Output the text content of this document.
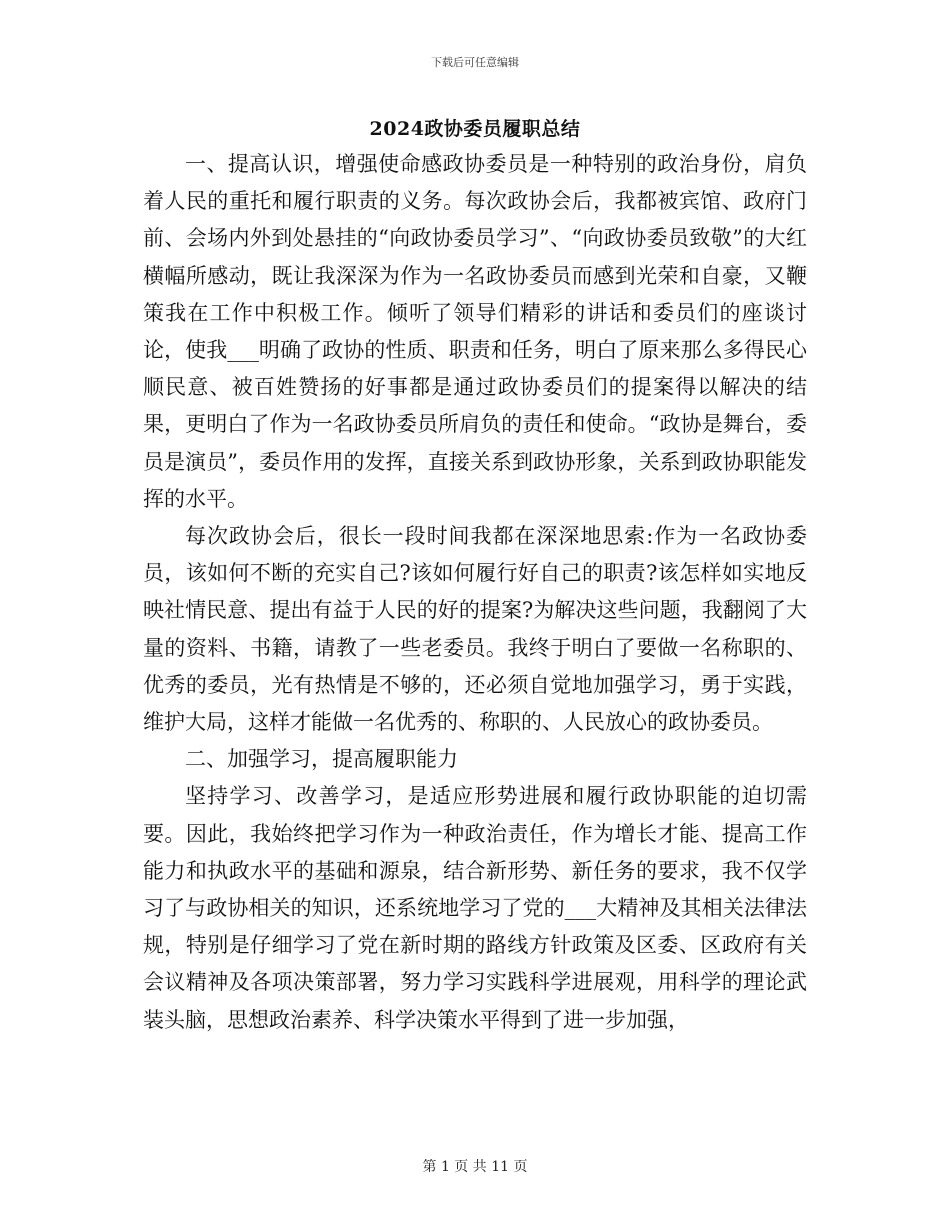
下载后可任意编辑
2024政协委员履职总结

一、提高认识，增强使命感政协委员是一种特别的政治身份，肩负着人民的重托和履行职责的义务。每次政协会后，我都被宾馆、政府门前、会场内外到处悬挂的“向政协委员学习”、“向政协委员致敬”的大红横幅所感动，既让我深深为作为一名政协委员而感到光荣和自豪，又鞭策我在工作中积极工作。倾听了领导们精彩的讲话和委员们的座谈讨论，使我___明确了政协的性质、职责和任务，明白了原来那么多得民心顺民意、被百姓赞扬的好事都是通过政协委员们的提案得以解决的结果，更明白了作为一名政协委员所肩负的责任和使命。“政协是舞台，委员是演员”，委员作用的发挥，直接关系到政协形象，关系到政协职能发挥的水平。

每次政协会后，很长一段时间我都在深深地思索:作为一名政协委员，该如何不断的充实自己?该如何履行好自己的职责?该怎样如实地反映社情民意、提出有益于人民的好的提案?为解决这些问题，我翻阅了大量的资料、书籍，请教了一些老委员。我终于明白了要做一名称职的、优秀的委员，光有热情是不够的，还必须自觉地加强学习，勇于实践，维护大局，这样才能做一名优秀的、称职的、人民放心的政协委员。

二、加强学习，提高履职能力

坚持学习、改善学习，是适应形势进展和履行政协职能的迫切需要。因此，我始终把学习作为一种政治责任，作为增长才能、提高工作能力和执政水平的基础和源泉，结合新形势、新任务的要求，我不仅学习了与政协相关的知识，还系统地学习了党的___大精神及其相关法律法规，特别是仔细学习了党在新时期的路线方针政策及区委、区政府有关会议精神及各项决策部署，努力学习实践科学进展观，用科学的理论武装头脑，思想政治素养、科学决策水平得到了进一步加强，

第 1 页 共 11 页
